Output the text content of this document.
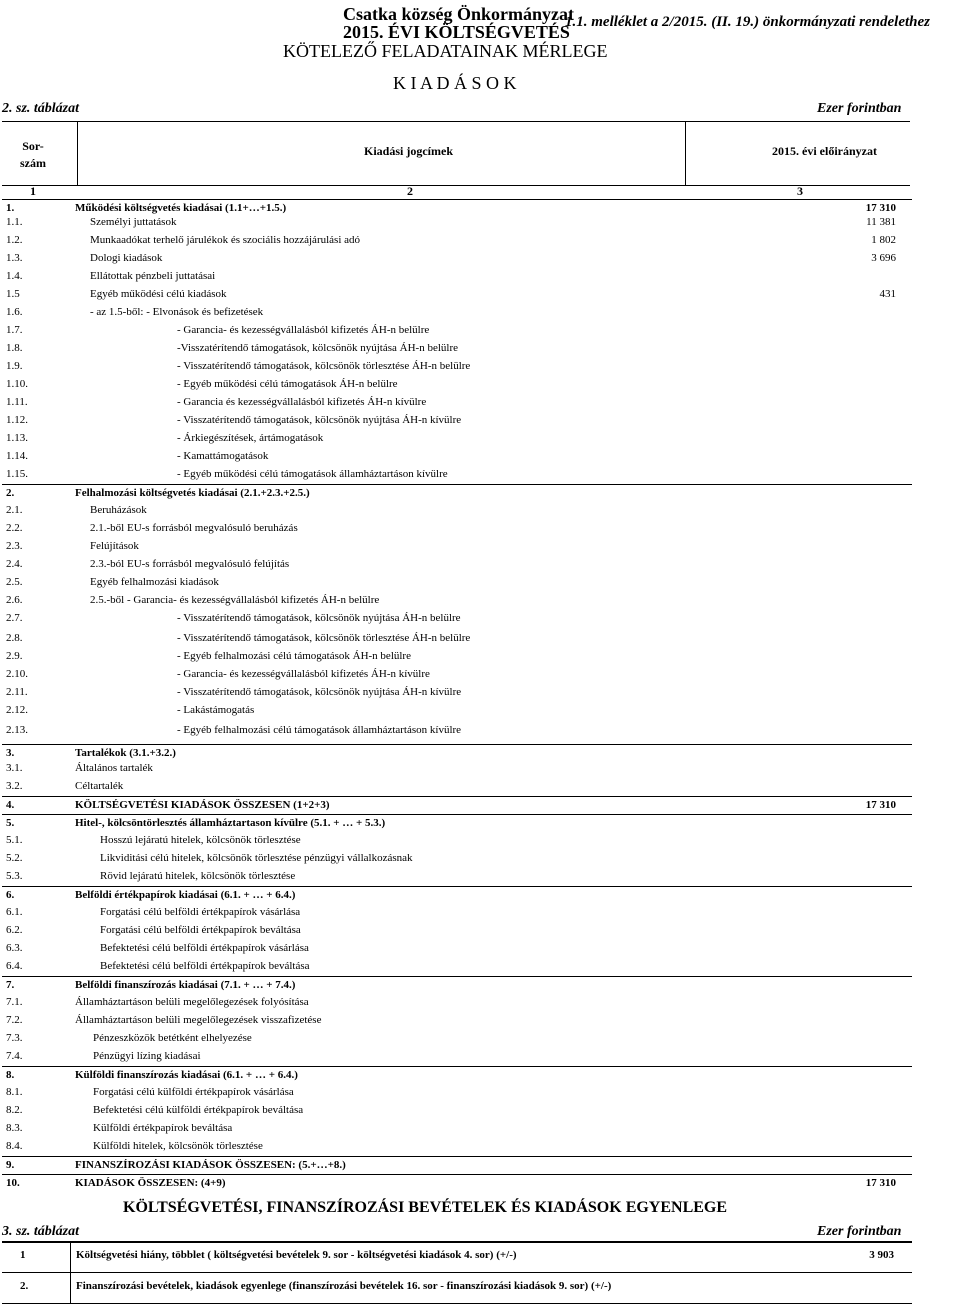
Csatka község Önkormányzat
2015. ÉVI KÖLTSÉGVETÉS
1.1. melléklet a 2/2015. (II. 19.) önkormányzati rendelethez
KÖTELEZŐ FELADATAINAK MÉRLEGE
K I A D Á S O K
2. sz. táblázat	Ezer forintban
Sor-
szám
Kiadási jogcímek	2015. évi előirányzat
1	2	3
1.	Működési költségvetés kiadásai (1.1+…+1.5.)	17 310
1.1.	Személyi juttatások	11 381
1.2.	Munkaadókat terhelő járulékok és szociális hozzájárulási adó	1 802
1.3.	Dologi kiadások	3 696
1.4.	Ellátottak pénzbeli juttatásai
1.5	Egyéb működési célú kiadások	431
1.6.	- az 1.5-ből: - Elvonások és befizetések
1.7.	- Garancia- és kezességvállalásból kifizetés ÁH-n belülre
1.8.	-Visszatérítendő támogatások, kölcsönök nyújtása ÁH-n belülre
1.9.	- Visszatérítendő támogatások, kölcsönök törlesztése ÁH-n belülre
1.10.	- Egyéb működési célú támogatások ÁH-n belülre
1.11.	- Garancia és kezességvállalásból kifizetés ÁH-n kívülre
1.12.	- Visszatérítendő támogatások, kölcsönök nyújtása ÁH-n kívülre
1.13.	- Árkiegészítések, ártámogatások
1.14.	- Kamattámogatások
1.15.	- Egyéb működési célú támogatások államháztartáson kívülre
2.	Felhalmozási költségvetés kiadásai (2.1.+2.3.+2.5.)
2.1.	Beruházások
2.2.	2.1.-ből EU-s forrásból megvalósuló beruházás
2.3.	Felújítások
2.4.	2.3.-ból EU-s forrásból megvalósuló felújítás
2.5.	Egyéb felhalmozási kiadások
2.6.	2.5.-ből - Garancia- és kezességvállalásból kifizetés ÁH-n belülre
2.7.	- Visszatérítendő támogatások, kölcsönök nyújtása ÁH-n belülre
2.8.	- Visszatérítendő támogatások, kölcsönök törlesztése ÁH-n belülre
2.9.	- Egyéb felhalmozási célú támogatások ÁH-n belülre
2.10.	- Garancia- és kezességvállalásból kifizetés ÁH-n kívülre
2.11.	- Visszatérítendő támogatások, kölcsönök nyújtása ÁH-n kívülre
2.12.	- Lakástámogatás
2.13.	- Egyéb felhalmozási célú támogatások államháztartáson kívülre
3.	Tartalékok (3.1.+3.2.)
3.1.	Általános tartalék
3.2.	Céltartalék
4.	KÖLTSÉGVETÉSI KIADÁSOK ÖSSZESEN (1+2+3)	17 310
5.	Hitel-, kölcsöntörlesztés államháztartason kívülre (5.1. + … + 5.3.)
5.1.	Hosszú lejáratú hitelek, kölcsönök törlesztése
5.2.	Likviditási célú hitelek, kölcsönök törlesztése pénzügyi vállalkozásnak
5.3.	Rövid lejáratú hitelek, kölcsönök törlesztése
6.	Belföldi értékpapírok kiadásai (6.1. + … + 6.4.)
6.1.	Forgatási célú belföldi értékpapírok vásárlása
6.2.	Forgatási célú belföldi értékpapírok beváltása
6.3.	Befektetési célú belföldi értékpapírok vásárlása
6.4.	Befektetési célú belföldi értékpapírok beváltása
7.	Belföldi finanszírozás kiadásai (7.1. + … + 7.4.)
7.1.	Államháztartáson belüli megelőlegezések folyósítása
7.2.	Államháztartáson belüli megelőlegezések visszafizetése
7.3.	Pénzeszközök betétként elhelyezése
7.4.	Pénzügyi lízing kiadásai
8.	Külföldi finanszírozás kiadásai (6.1. + … + 6.4.)
8.1.	Forgatási célú külföldi értékpapírok vásárlása
8.2.	Befektetési célú külföldi értékpapírok beváltása
8.3.	Külföldi értékpapírok beváltása
8.4.	Külföldi hitelek, kölcsönök törlesztése
9.	FINANSZÍROZÁSI KIADÁSOK ÖSSZESEN: (5.+…+8.)
10.	KIADÁSOK ÖSSZESEN: (4+9)	17 310
KÖLTSÉGVETÉSI, FINANSZÍROZÁSI BEVÉTELEK ÉS KIADÁSOK EGYENLEGE
3. sz. táblázat	Ezer forintban
1	Költségvetési hiány, többlet ( költségvetési bevételek 9. sor - költségvetési kiadások 4. sor) (+/-)	3 903
2.	Finanszírozási bevételek, kiadások egyenlege (finanszírozási bevételek 16. sor - finanszírozási kiadások 9. sor) (+/-)
